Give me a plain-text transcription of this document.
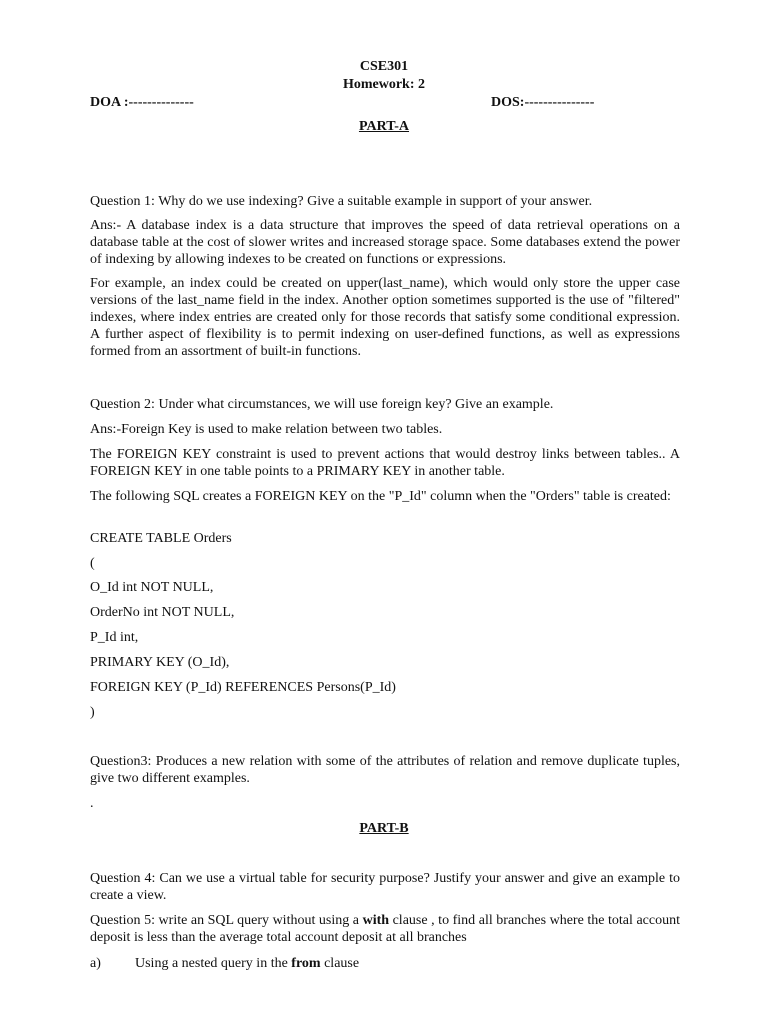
CSE301
Homework: 2
DOA :--------------	DOS:---------------
PART-A
Question 1: Why do we use indexing? Give a suitable example in support of your answer.

Ans:- A database index is a data structure that improves the speed of data retrieval operations on a database table at the cost of slower writes and increased storage space. Some databases extend the power of indexing by allowing indexes to be created on functions or expressions.

For example, an index could be created on upper(last_name), which would only store the upper case versions of the last_name field in the index. Another option sometimes supported is the use of "filtered" indexes, where index entries are created only for those records that satisfy some conditional expression. A further aspect of flexibility is to permit indexing on user-defined functions, as well as expressions formed from an assortment of built-in functions.

Question 2: Under what circumstances, we will use foreign key? Give an example.
Ans:-Foreign Key is used to make relation between two tables.

The FOREIGN KEY constraint is used to prevent actions that would destroy links between tables.. A FOREIGN KEY in one table points to a PRIMARY KEY in another table.

The following SQL creates a FOREIGN KEY on the "P_Id" column when the "Orders" table is created:

CREATE TABLE Orders
(
O_Id int NOT NULL,
OrderNo int NOT NULL,
P_Id int,
PRIMARY KEY (O_Id),
FOREIGN KEY (P_Id) REFERENCES Persons(P_Id)
)

Question3: Produces a new relation with some of the attributes of relation and remove duplicate tuples, give two different examples.

.
PART-B

Question 4: Can we use a virtual table for security purpose? Justify your answer and give an example to create a view.

Question 5: write an SQL query without using a with clause , to find all branches where the total account deposit is less than the average total account deposit at all branches

a) Using a nested query in the from clause
